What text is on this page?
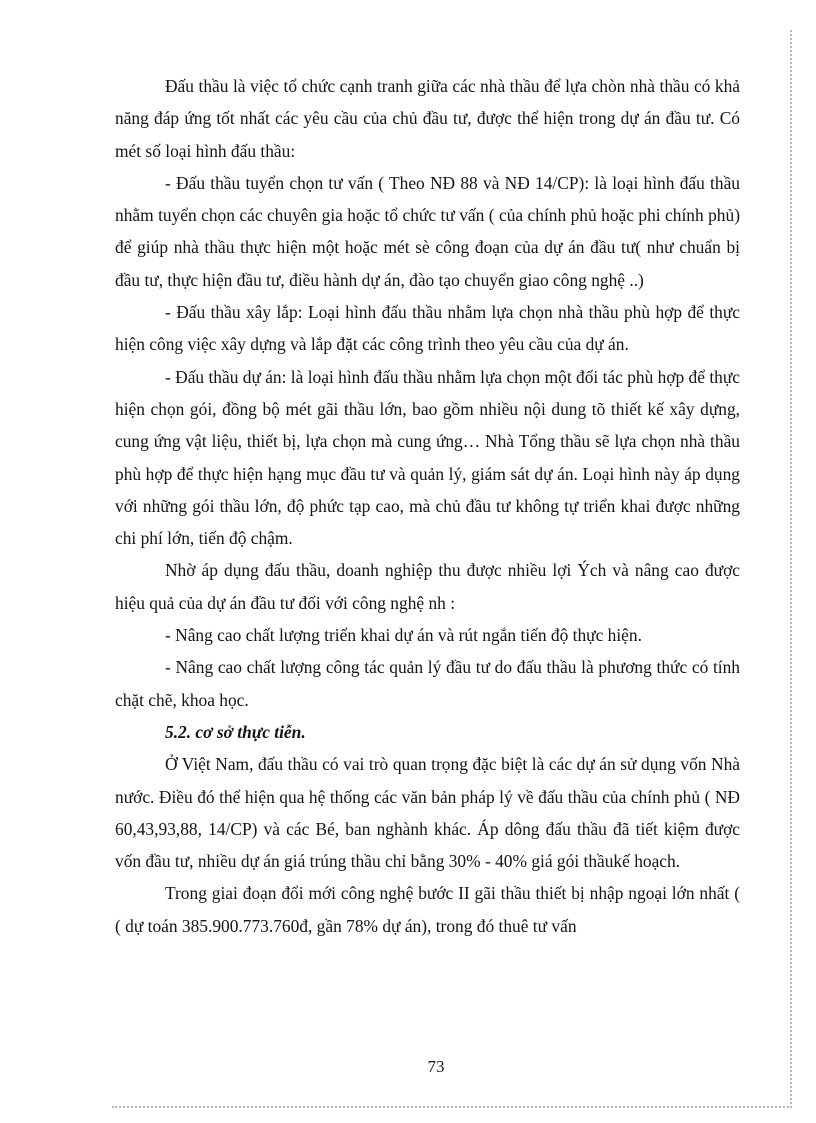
Đấu thầu là việc tổ chức cạnh tranh giữa các nhà thầu để lựa chòn nhà thầu có khả năng đáp ứng tốt nhất các yêu cầu của chủ đầu tư, được thể hiện trong dự án đầu tư. Có mét số loại hình đấu thầu:

- Đấu thầu tuyển chọn tư vấn ( Theo NĐ 88 và NĐ 14/CP): là loại hình đấu thầu nhằm tuyển chọn các chuyên gia hoặc tổ chức tư vấn ( của chính phủ hoặc phi chính phủ) để giúp nhà thầu thực hiện một hoặc mét sè công đoạn của dự án đầu tư( như chuẩn bị đầu tư, thực hiện đầu tư, điều hành dự án, đào tạo chuyển giao công nghệ ..)

- Đấu thầu xây lắp: Loại hình đấu thầu nhằm lựa chọn nhà thầu phù hợp để thực hiện công việc xây dựng và lắp đặt các công trình theo yêu cầu của dự án.

- Đấu thầu dự án: là loại hình đấu thầu nhằm lựa chọn một đối tác phù hợp để thực hiện chọn gói, đồng bộ mét gãi thầu lớn, bao gồm nhiều nội dung tõ thiết kế xây dựng, cung ứng vật liệu, thiết bị, lựa chọn mà cung ứng… Nhà Tổng thầu sẽ lựa chọn nhà thầu phù hợp để thực hiện hạng mục đầu tư và quản lý, giám sát dự án. Loại hình này áp dụng với những gói thầu lớn, độ phức tạp cao, mà chủ đầu tư không tự triển khai được những chi phí lớn, tiến độ chậm.

Nhờ áp dụng đấu thầu, doanh nghiệp thu được nhiều lợi Ých và nâng cao được hiệu quả của dự án đầu tư đối với công nghệ nh :

- Nâng cao chất lượng triển khai dự án và rút ngắn tiến độ thực hiện.

- Nâng cao chất lượng công tác quản lý đầu tư do đấu thầu là phương thức có tính chặt chẽ, khoa học.

5.2. cơ sở thực tiễn.

Ở Việt Nam, đấu thầu có vai trò quan trọng đặc biệt là các dự án sử dụng vốn Nhà nước. Điều đó thể hiện qua hệ thống các văn bản pháp lý về đấu thầu của chính phủ ( NĐ 60,43,93,88, 14/CP) và các Bé, ban nghành khác. Áp dông đấu thầu đã tiết kiệm được vốn đầu tư, nhiều dự án giá trúng thầu chỉ bằng 30% - 40% giá gói thầukế hoạch.

Trong giai đoạn đổi mới công nghệ bước II gãi thầu thiết bị nhập ngoại lớn nhất ( ( dự toán 385.900.773.760đ, gần 78% dự án), trong đó thuê tư vấn

73
